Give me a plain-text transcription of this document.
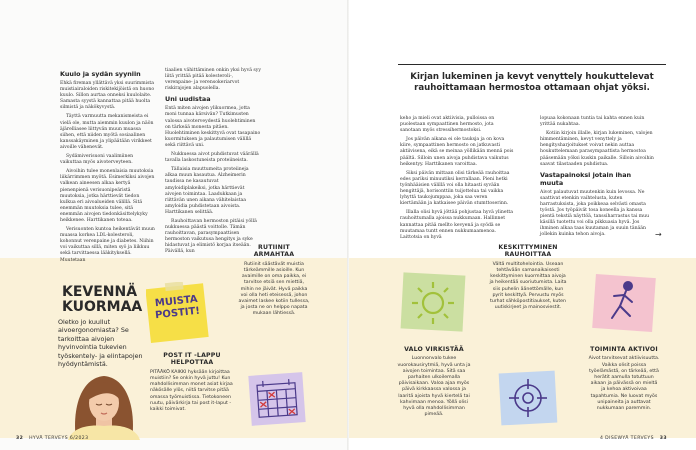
Kuulo ja sydän syyniin

Ehkä fireman yllättävä yksi suurimmista muistiairaloiden riskitekijöistä on huono kuulo. Sillon aurtaa onneksi kuulolaite. Samasta syystä kannattaa pitää huolta silmistä ja näkökyvystä.

Täyttä varmuutta mekanismeista ei vielä ole, mutta aiemmin kuulon ja näön äjärelliasee liittyvän muun muassa siihen, että niiden myötä sosiaalinen kanssakäyminen ja ylipäätään virikkeet aivoille vähenevät.

Sydämiverisuoni vaalimiinen vaikuttaa myös aivoterveyteen.

Aivoihin tulee monenlaisia muutoksia liikärrimmen myötä. Esimerkiksi aivojen valkean aineesen alkaa kertyä pienenpienä verisuonipeäristä muutoksia, jotka härttievät tiedon kulkua eri aivoalueiden välillä. Sitä enemmän muutoksia tulee, sitä enemmän aivojen tiedonkäsittelykyky heikkenee. Harttikanen toteaa.

Verisuonten kuntoa heikentävät muun muassa korkea LDL-kolesteroli, kohonnut verenpaine ja diabetes. Niihin voi vaikuttaa sillä, miten syö ja liikkuu sekä tarvittaessa lääkityksellä. Muutetaan

tiaalien vähittäminen onkin yksi hyvä syy liitä yrittää pitää kolesteroli-, verenpaine- ja verensokeriarvot riskirajojen alapuolella.

Uni uudistaa

Entä miten aivojen ylikuormea, jotta moni tunnaa kärsivän? Tutkimusten valossa aivoterveydestä huolehtiminen on tärkeää monesta pitäen. Huolehtiminen keskittyvä ovat tasapaino kuormituksen ja palautumisen välillä sekä riittävä uni.

Nukkuessa aivot puhdistuvat väärällä tavalla laskostuneista proteiineista.

Tällaisia muuttumeita proteiineja alkaa muun kasautua. Alzheimerin taudissa ne kasautuvat amyloidiplakeiksi, jotka härttievät aivojen toimintaa. Laadukkaan ja riittävän unen aikana vähitelaistaa amyloidia puhdistetaan aivoista. Harttikanen selittää.

Rauhoittavan hermoston pitäisi yöllä nukkuessa päästä voittolle. Tämän rauhoittavan, parasympaattisen hermoston vaikutusa hengitys ja syke hidastuvat ja elimistö korjaa itseään. Päivällä, kun

Kirjan lukeminen ja kevyt venyttely houkuttelevat rauhoittamaan hermostoa ottamaan ohjat yöksi.

keho ja mieli ovat aktiivisia, pulloissa on puolestaan sympaattinen hermosto, jota sanotaan myös stressihermostoksi.

Jos päivän aikana ei ole tauksja ja on kova kiire, sympaattinen hermosto on jatkuvasti aktiivisena, eikä se meinaa yöllikään mennä pois päältä. Silloin unen aivoja puhdistava vaikutus heikentyy. Harttikanen varoittaa.

Siksi päivän mittaan olisi tärkeää rauhoittaa edes pariksi minuutiksi kerrallaan. Pieni hetki työnhääisien välillä voi olla hitaasti syvään hengittäjä, horisonttiin tuijottelua tai vaikka lyhyttä taukojumppaa, joka saa veren kiertämään ja katkaisee päivän stumttoserinn.

Illalla olisi hyvä jöttää pohjustaa hyvä ylinetta rauhoittumalla ajoissa nukkumaan. Hallinnet kannattaa pitää mellto kevyenä ja syödä se muutamaa tuntt ennen nukkumaamenoa. Laittotsia on hyvä

lopuaa kokonaan tuntia tai kahta ennen kuin yrittää nukahtaa.

Kotiin kirjoin illalle, kirjan lukeminen, valojen himmentäminen, kevyt venyttely ja hengitysharjoitukset voivat nekin auttaa houkuttelemaan parasympaattista hermostoa pääsemään yöksi kuskin paikalle. Silloin aivoihin saavat tilastaaden puhdistua.

Vastapainoksi jotain ihan muuta

Aivot palautuvat muutenkin kuin levossa. Ne saattivat etenkin vaihtelusta, kuten harrastuksista, joka poikkeaa selvästi omasta työstä. Jos työpäivät tosa koneella ja kanssa pientä tekstiä näyttöä, tanssiharrastus tai muu käsillä tuotettu voi olla pikkuasia hyvä. Jos ihminen alkaa taas kuutaman ja suuin tänään jollekin kuinka tehon aivoja.	→
KEVENNÄ
KUORMAA
Oletko jo kuullut aivoergonomiasta? Se tarkoittaa aivojen hyvinvointia tukevien työskentely- ja elintapojen hyödyntämistä.
MUISTA POSTIT!
POST IT -LAPPU HELPOTTAA
PITÄÄKÖ KAIKKI hyksään kirjoittaa muistiin? Se onkin hyvä juttu! Kun mahdollisimman monet asiat kirjaa näkösälle ylös, niitä tarvitse pitää omassa työmuistissa. Tietokoneen ruutu, päivärkirja tai post it-laput - kaikki toimivat.
RUTIINIT ARMAHTAA
Rutiinit säästävät muistia tärkeämmille asioille. Kun avaimille on oma paikka, ei tarvitse etsiä sen miettiä, mihin ne jäivät. Hyvä paikka voi olla heti eteisessä, johon avaimet laskee kotiin tullessa, ja josta ne on helppo napata mukaan lähtiessä.
VALO VIRKISTÄÄ
Luonnonvalo tukee vuorokausirytmiä, hyvä unta ja aivojen toimintaa. Sitä saa parhaiten ulkoilemalla päivisaikaan. Valoa ajaa myös päivä kirkkaassa valossa ja laaritä ajoista hyvä kiertelä tai kahvimaan menoa. Yöllä olisi hyvä olla mahdollisimman pimeää.
KESKITTYMINEN RAUHOITTAA
Vältä multitohelointia. Useaan tehtävään samanaikaisesti keskittyminen kuormittaa aivoja ja heikentää suoriutumista. Laita siis puhelin äänettömälle, kun pyrit keskittyä. Pervustu myös turhat sähköpostitiaukset, kuten uutiskirjeet ja mainosviestit.
TOIMINTA AKTIVOI
Aivot tarvitsevat aktiivisuutta. Vaikka olisit poissa työelämästä, on tärkeää, että herätit aamulla totuttuun aikaan ja päivässä on mieltä ja kehoa aktivoivaa tapahtumia. Ne luovat myös unipaineita ja auttavat nukkumaan paremmin.
32 HYVÄ TERVEYS 6/2023	4 DISEWYÄ TERVEYS 33
